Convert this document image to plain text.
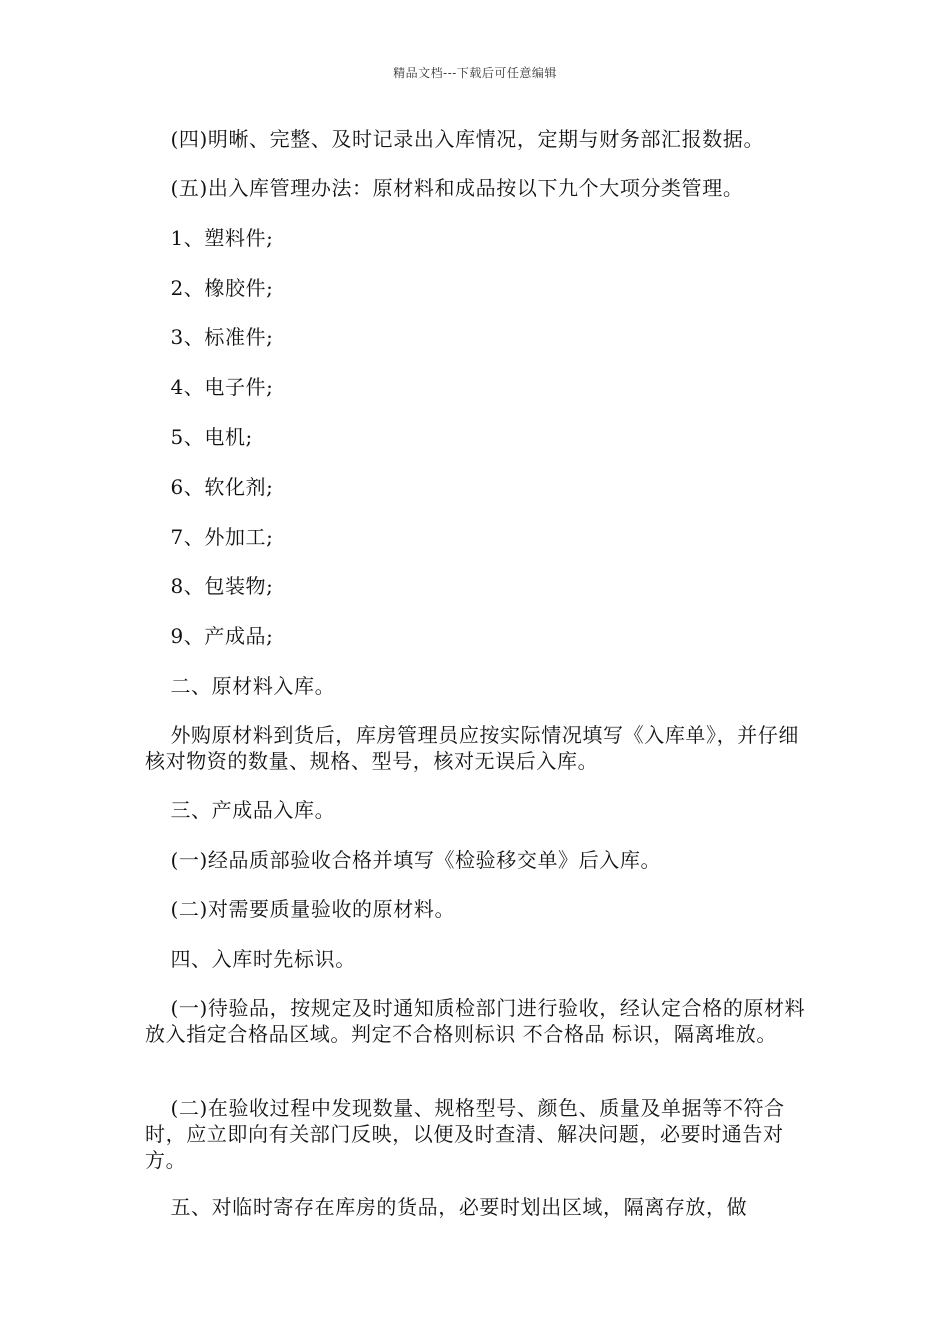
精品文档---下载后可任意编辑

(四)明晰、完整、及时记录出入库情况，定期与财务部汇报数据。

(五)出入库管理办法：原材料和成品按以下九个大项分类管理。

1、塑料件;

2、橡胶件;

3、标准件;

4、电子件;

5、电机;

6、软化剂;

7、外加工;

8、包装物;

9、产成品;

二、原材料入库。

外购原材料到货后，库房管理员应按实际情况填写《入库单》，并仔细核对物资的数量、规格、型号，核对无误后入库。

三、产成品入库。

(一)经品质部验收合格并填写《检验移交单》后入库。

(二)对需要质量验收的原材料。

四、入库时先标识。

(一)待验品，按规定及时通知质检部门进行验收，经认定合格的原材料放入指定合格品区域。判定不合格则标识 不合格品 标识，隔离堆放。

(二)在验收过程中发现数量、规格型号、颜色、质量及单据等不符合时，应立即向有关部门反映，以便及时查清、解决问题，必要时通告对方。

五、对临时寄存在库房的货品，必要时划出区域，隔离存放，做
